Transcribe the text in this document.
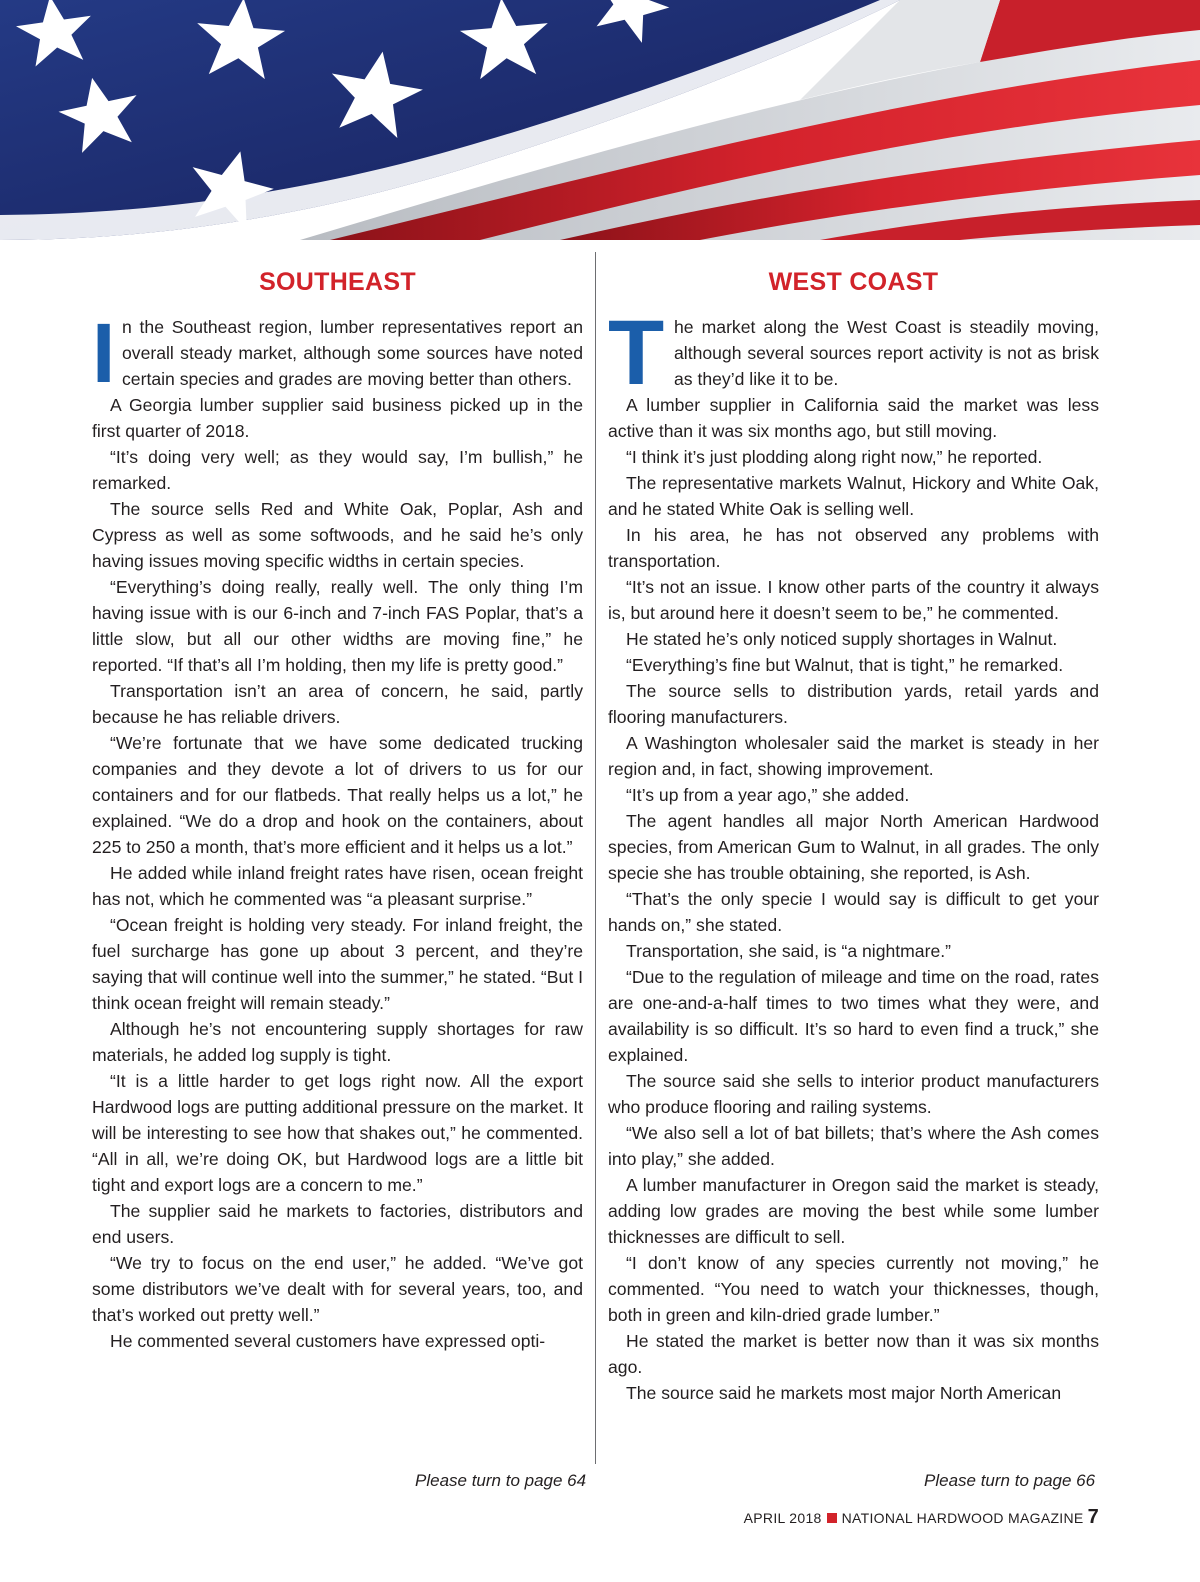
SOUTHEAST

In the Southeast region, lumber representatives report an overall steady market, although some sources have noted certain species and grades are moving better than others.

A Georgia lumber supplier said business picked up in the first quarter of 2018.

“It’s doing very well; as they would say, I’m bullish,” he remarked.

The source sells Red and White Oak, Poplar, Ash and Cypress as well as some softwoods, and he said he’s only having issues moving specific widths in certain species.

“Everything’s doing really, really well. The only thing I’m having issue with is our 6-inch and 7-inch FAS Poplar, that’s a little slow, but all our other widths are moving fine,” he reported. “If that’s all I’m holding, then my life is pretty good.”

Transportation isn’t an area of concern, he said, partly because he has reliable drivers.

“We’re fortunate that we have some dedicated trucking companies and they devote a lot of drivers to us for our containers and for our flatbeds. That really helps us a lot,” he explained. “We do a drop and hook on the containers, about 225 to 250 a month, that’s more efficient and it helps us a lot.”

He added while inland freight rates have risen, ocean freight has not, which he commented was “a pleasant surprise.”

“Ocean freight is holding very steady. For inland freight, the fuel surcharge has gone up about 3 percent, and they’re saying that will continue well into the summer,” he stated. “But I think ocean freight will remain steady.”

Although he’s not encountering supply shortages for raw materials, he added log supply is tight.

“It is a little harder to get logs right now. All the export Hardwood logs are putting additional pressure on the market. It will be interesting to see how that shakes out,” he commented. “All in all, we’re doing OK, but Hardwood logs are a little bit tight and export logs are a concern to me.”

The supplier said he markets to factories, distributors and end users.

“We try to focus on the end user,” he added. “We’ve got some distributors we’ve dealt with for several years, too, and that’s worked out pretty well.”

He commented several customers have expressed opti-

WEST COAST

The market along the West Coast is steadily moving, although several sources report activity is not as brisk as they’d like it to be.

A lumber supplier in California said the market was less active than it was six months ago, but still moving.

“I think it’s just plodding along right now,” he reported.

The representative markets Walnut, Hickory and White Oak, and he stated White Oak is selling well.

In his area, he has not observed any problems with transportation.

“It’s not an issue. I know other parts of the country it always is, but around here it doesn’t seem to be,” he commented.

He stated he’s only noticed supply shortages in Walnut.

“Everything’s fine but Walnut, that is tight,” he remarked.

The source sells to distribution yards, retail yards and flooring manufacturers.

A Washington wholesaler said the market is steady in her region and, in fact, showing improvement.

“It’s up from a year ago,” she added.

The agent handles all major North American Hardwood species, from American Gum to Walnut, in all grades. The only specie she has trouble obtaining, she reported, is Ash.

“That’s the only specie I would say is difficult to get your hands on,” she stated.

Transportation, she said, is “a nightmare.”

“Due to the regulation of mileage and time on the road, rates are one-and-a-half times to two times what they were, and availability is so difficult. It’s so hard to even find a truck,” she explained.

The source said she sells to interior product manufacturers who produce flooring and railing systems.

“We also sell a lot of bat billets; that’s where the Ash comes into play,” she added.

A lumber manufacturer in Oregon said the market is steady, adding low grades are moving the best while some lumber thicknesses are difficult to sell.

“I don’t know of any species currently not moving,” he commented. “You need to watch your thicknesses, though, both in green and kiln-dried grade lumber.”

He stated the market is better now than it was six months ago.

The source said he markets most major North American

Please turn to page 64	Please turn to page 66
APRIL 2018 NATIONAL HARDWOOD MAGAZINE 7
